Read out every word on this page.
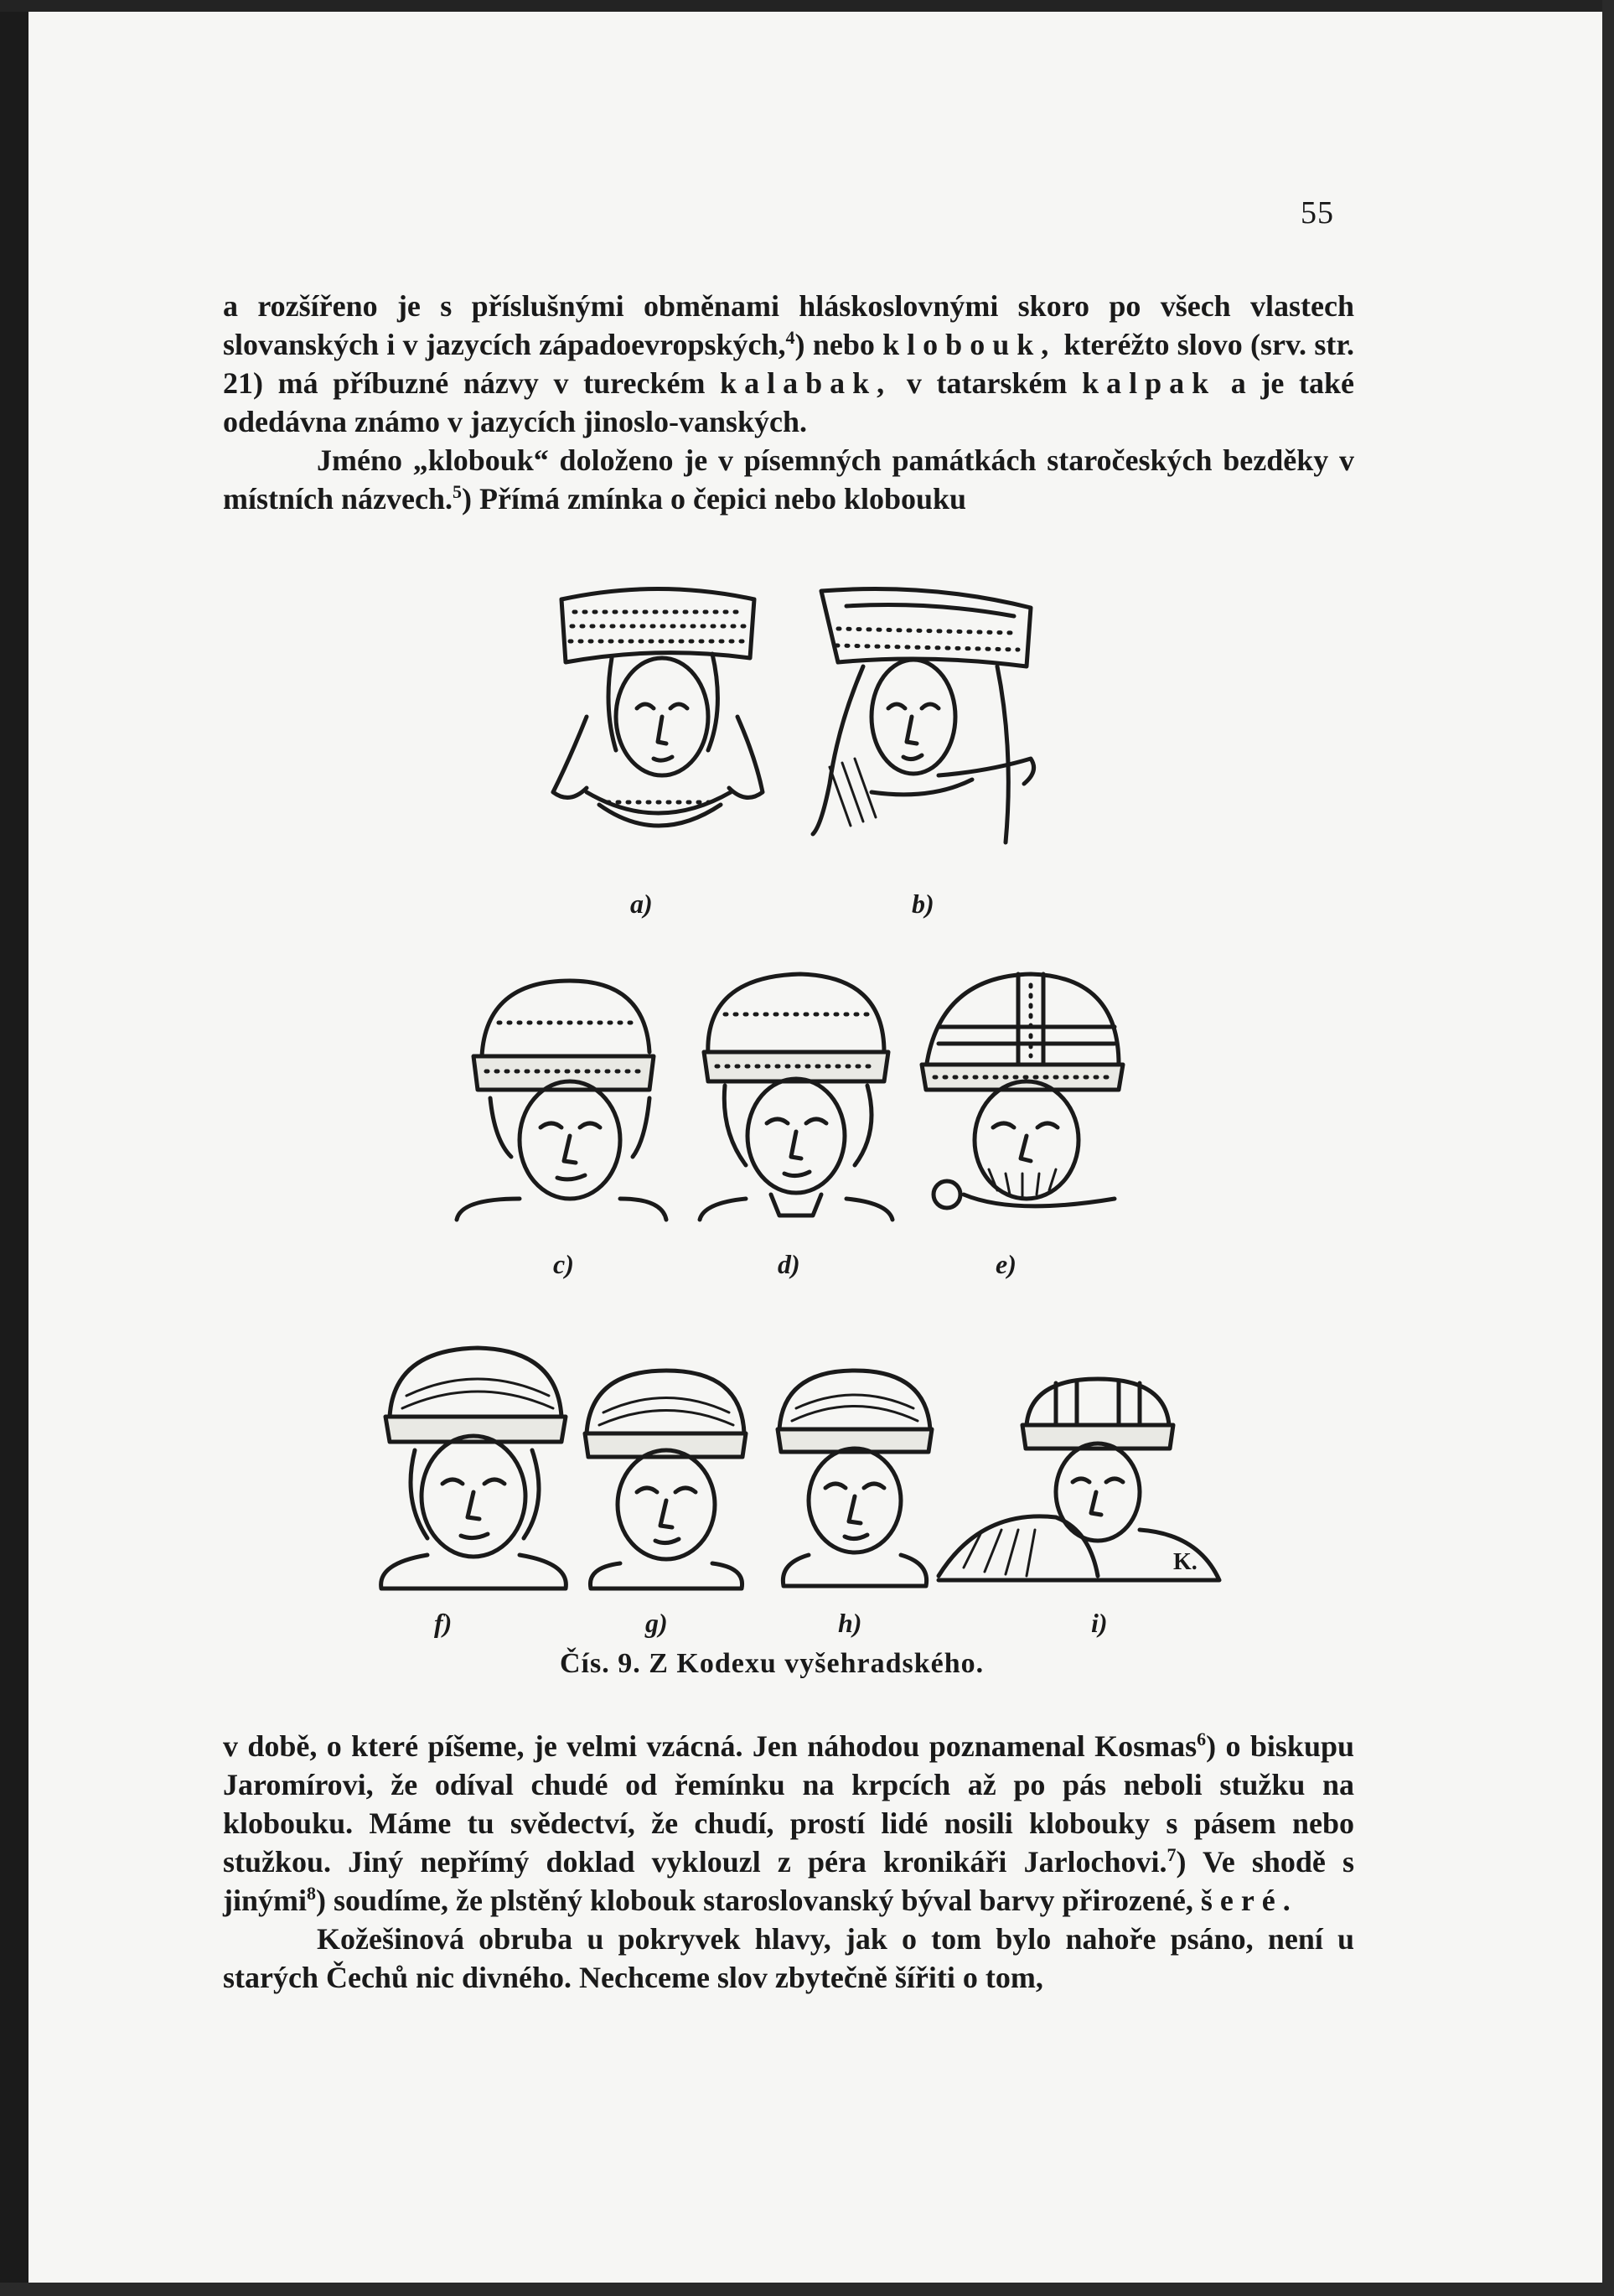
55

a rozšířeno je s příslušnými obměnami hláskoslovnými skoro po všech vlastech slovanských i v jazycích západoevropských,$^4$) nebo klobouk, kteréžto slovo (srv. str. 21) má příbuzné názvy v tureckém kalabak, v tatarském kalpak a je také odedávna známo v jazycích jinoslo-vanských.

Jméno „klobouk“ doloženo je v písemných památkách staročeských bezděky v místních názvech.$^5$) Přímá zmínka o čepici nebo klobouku

a)	b)
c)	d)	e)
f)	g)	h)
K.
i)
Čís. 9. Z Kodexu vyšehradského.

v době, o které píšeme, je velmi vzácná. Jen náhodou poznamenal Kosmas$^6$) o biskupu Jaromírovi, že odíval chudé od řemínku na krpcích až po pás neboli stužku na klobouku. Máme tu svědectví, že chudí, prostí lidé nosili klobouky s pásem nebo stužkou. Jiný nepřímý doklad vyklouzl z péra kronikáři Jarlochovi.$^7$) Ve shodě s jinými$^8$) soudíme, že plstěný klobouk staroslovanský býval barvy přirozené, šeré.

Kožešinová obruba u pokryvek hlavy, jak o tom bylo nahoře psáno, není u starých Čechů nic divného. Nechceme slov zbytečně šířiti o tom,
